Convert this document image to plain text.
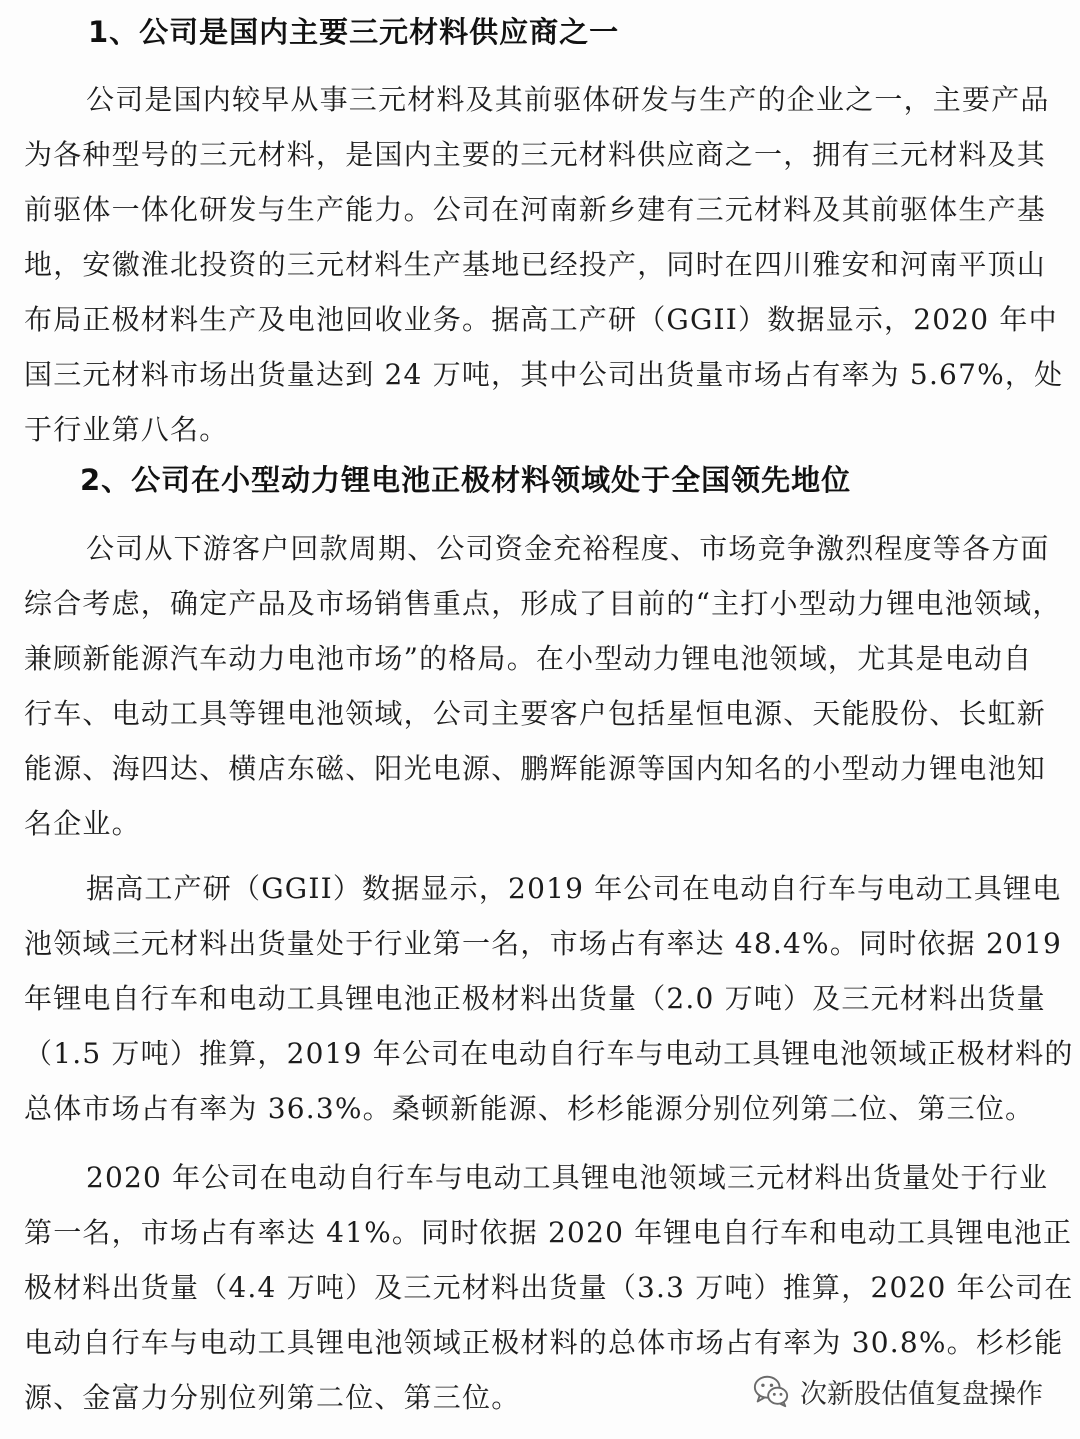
1、公司是国内主要三元材料供应商之一
公司是国内较早从事三元材料及其前驱体研发与生产的企业之一，主要产品
为各种型号的三元材料，是国内主要的三元材料供应商之一，拥有三元材料及其
前驱体一体化研发与生产能力。公司在河南新乡建有三元材料及其前驱体生产基
地，安徽淮北投资的三元材料生产基地已经投产，同时在四川雅安和河南平顶山
布局正极材料生产及电池回收业务。据高工产研（GGII）数据显示，2020 年中
国三元材料市场出货量达到 24 万吨，其中公司出货量市场占有率为 5.67%，处
于行业第八名。
2、公司在小型动力锂电池正极材料领域处于全国领先地位
公司从下游客户回款周期、公司资金充裕程度、市场竞争激烈程度等各方面
综合考虑，确定产品及市场销售重点，形成了目前的“主打小型动力锂电池领域，
兼顾新能源汽车动力电池市场”的格局。在小型动力锂电池领域，尤其是电动自
行车、电动工具等锂电池领域，公司主要客户包括星恒电源、天能股份、长虹新
能源、海四达、横店东磁、阳光电源、鹏辉能源等国内知名的小型动力锂电池知
名企业。
据高工产研（GGII）数据显示，2019 年公司在电动自行车与电动工具锂电
池领域三元材料出货量处于行业第一名，市场占有率达 48.4%。同时依据 2019
年锂电自行车和电动工具锂电池正极材料出货量（2.0 万吨）及三元材料出货量
（1.5 万吨）推算，2019 年公司在电动自行车与电动工具锂电池领域正极材料的
总体市场占有率为 36.3%。桑顿新能源、杉杉能源分别位列第二位、第三位。
2020 年公司在电动自行车与电动工具锂电池领域三元材料出货量处于行业
第一名，市场占有率达 41%。同时依据 2020 年锂电自行车和电动工具锂电池正
极材料出货量（4.4 万吨）及三元材料出货量（3.3 万吨）推算，2020 年公司在
电动自行车与电动工具锂电池领域正极材料的总体市场占有率为 30.8%。杉杉能
源、金富力分别位列第二位、第三位。	次新股估值复盘操作
